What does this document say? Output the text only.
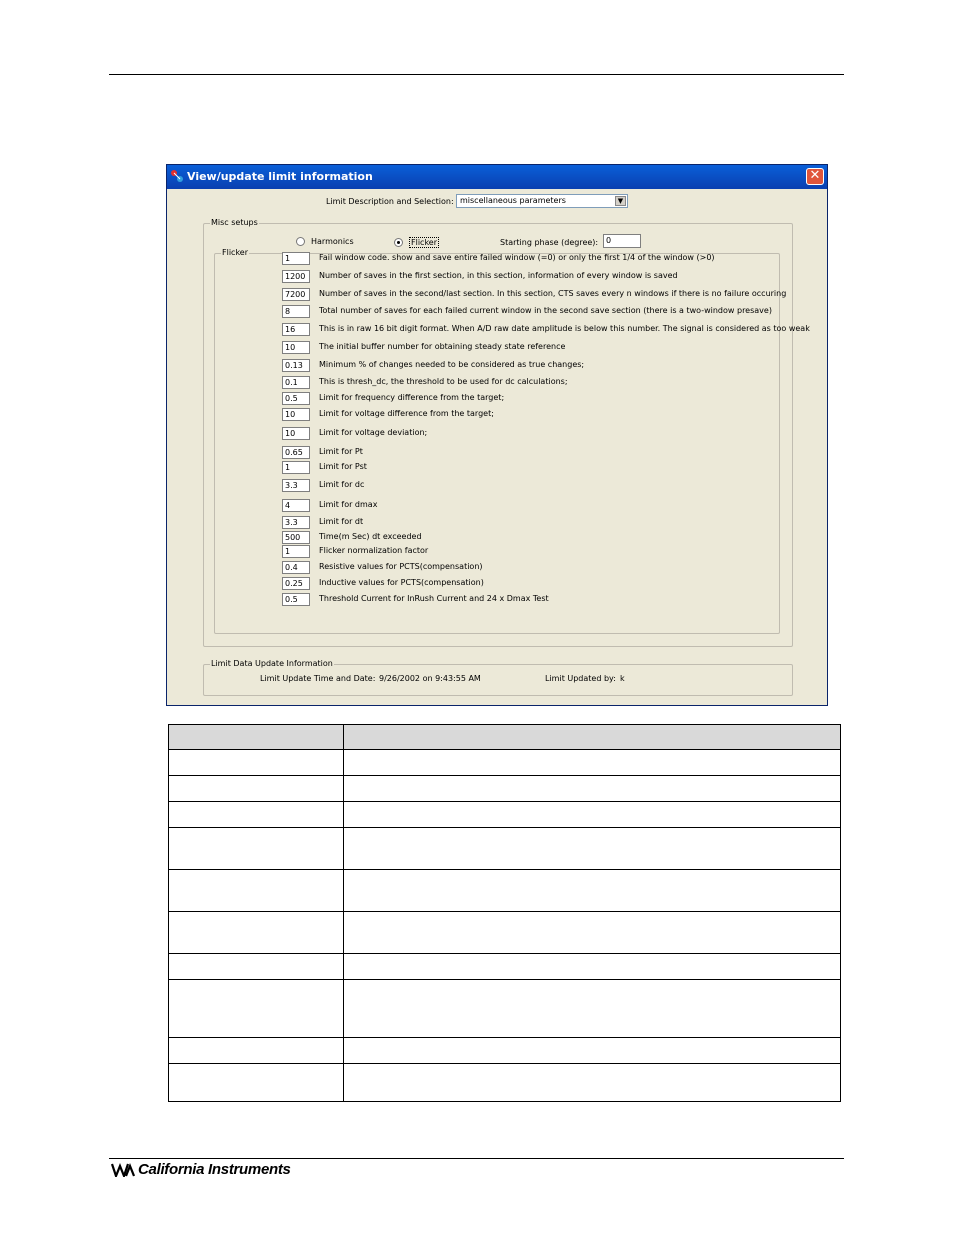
View/update limit information	✕
Limit Description and Selection: miscellaneous parameters	▼
Misc setups
Harmonics	Flicker	Starting phase (degree): 0
Flicker
1	Fail window code. show and save entire failed window (=0) or only the first 1/4 of the window (>0)
1200	Number of saves in the first section, in this section, information of every window is saved
7200	Number of saves in the second/last section. In this section, CTS saves every n windows if there is no failure occuring
8	Total number of saves for each failed current window in the second save section (there is a two-window presave)
16	This is in raw 16 bit digit format. When A/D raw date amplitude is below this number. The signal is considered as too weak
10	The initial buffer number for obtaining steady state reference
0.13	Minimum % of changes needed to be considered as true changes;
0.1	This is thresh_dc, the threshold to be used for dc calculations;
0.5	Limit for frequency difference from the target;
10	Limit for voltage difference from the target;
10	Limit for voltage deviation;
0.65	Limit for Pt
1	Limit for Pst
3.3	Limit for dc
4	Limit for dmax
3.3	Limit for dt
500	Time(m Sec) dt exceeded
1	Flicker normalization factor
0.4	Resistive values for PCTS(compensation)
0.25	Inductive values for PCTS(compensation)
0.5	Threshold Current for InRush Current and 24 x Dmax Test
Limit Data Update Information
Limit Update Time and Date: 9/26/2002 on 9:43:55 AM	Limit Updated by: k

California Instruments
